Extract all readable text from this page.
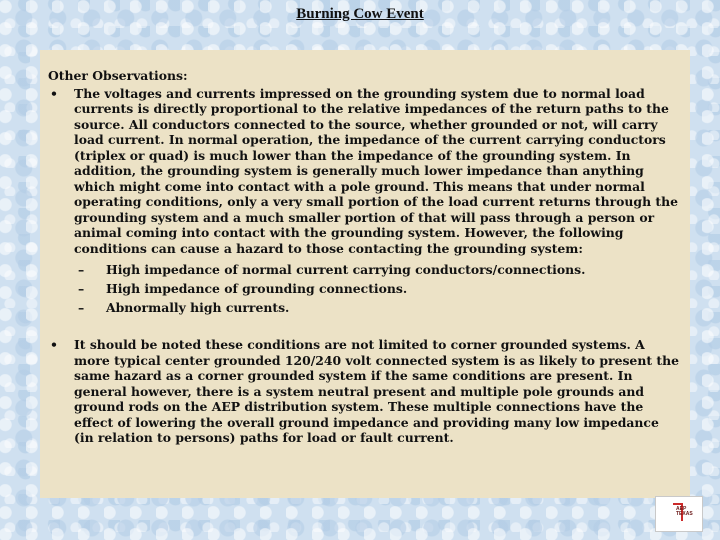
Burning Cow Event

Other Observations:

• The voltages and currents impressed on the grounding system due to normal load currents is directly proportional to the relative impedances of the return paths to the source. All conductors connected to the source, whether grounded or not, will carry load current. In normal operation, the impedance of the current carrying conductors (triplex or quad) is much lower than the impedance of the grounding system. In addition, the grounding system is generally much lower impedance than anything which might come into contact with a pole ground. This means that under normal operating conditions, only a very small portion of the load current returns through the grounding system and a much smaller portion of that will pass through a person or animal coming into contact with the grounding system. However, the following conditions can cause a hazard to those contacting the grounding system:
– High impedance of normal current carrying conductors/connections.
– High impedance of grounding connections.
– Abnormally high currents.
• It should be noted these conditions are not limited to corner grounded systems. A more typical center grounded 120/240 volt connected system is as likely to present the same hazard as a corner grounded system if the same conditions are present. In general however, there is a system neutral present and multiple pole grounds and ground rods on the AEP distribution system. These multiple connections have the effect of lowering the overall ground impedance and providing many low impedance (in relation to persons) paths for load or fault current.
AEP
TEXAS
